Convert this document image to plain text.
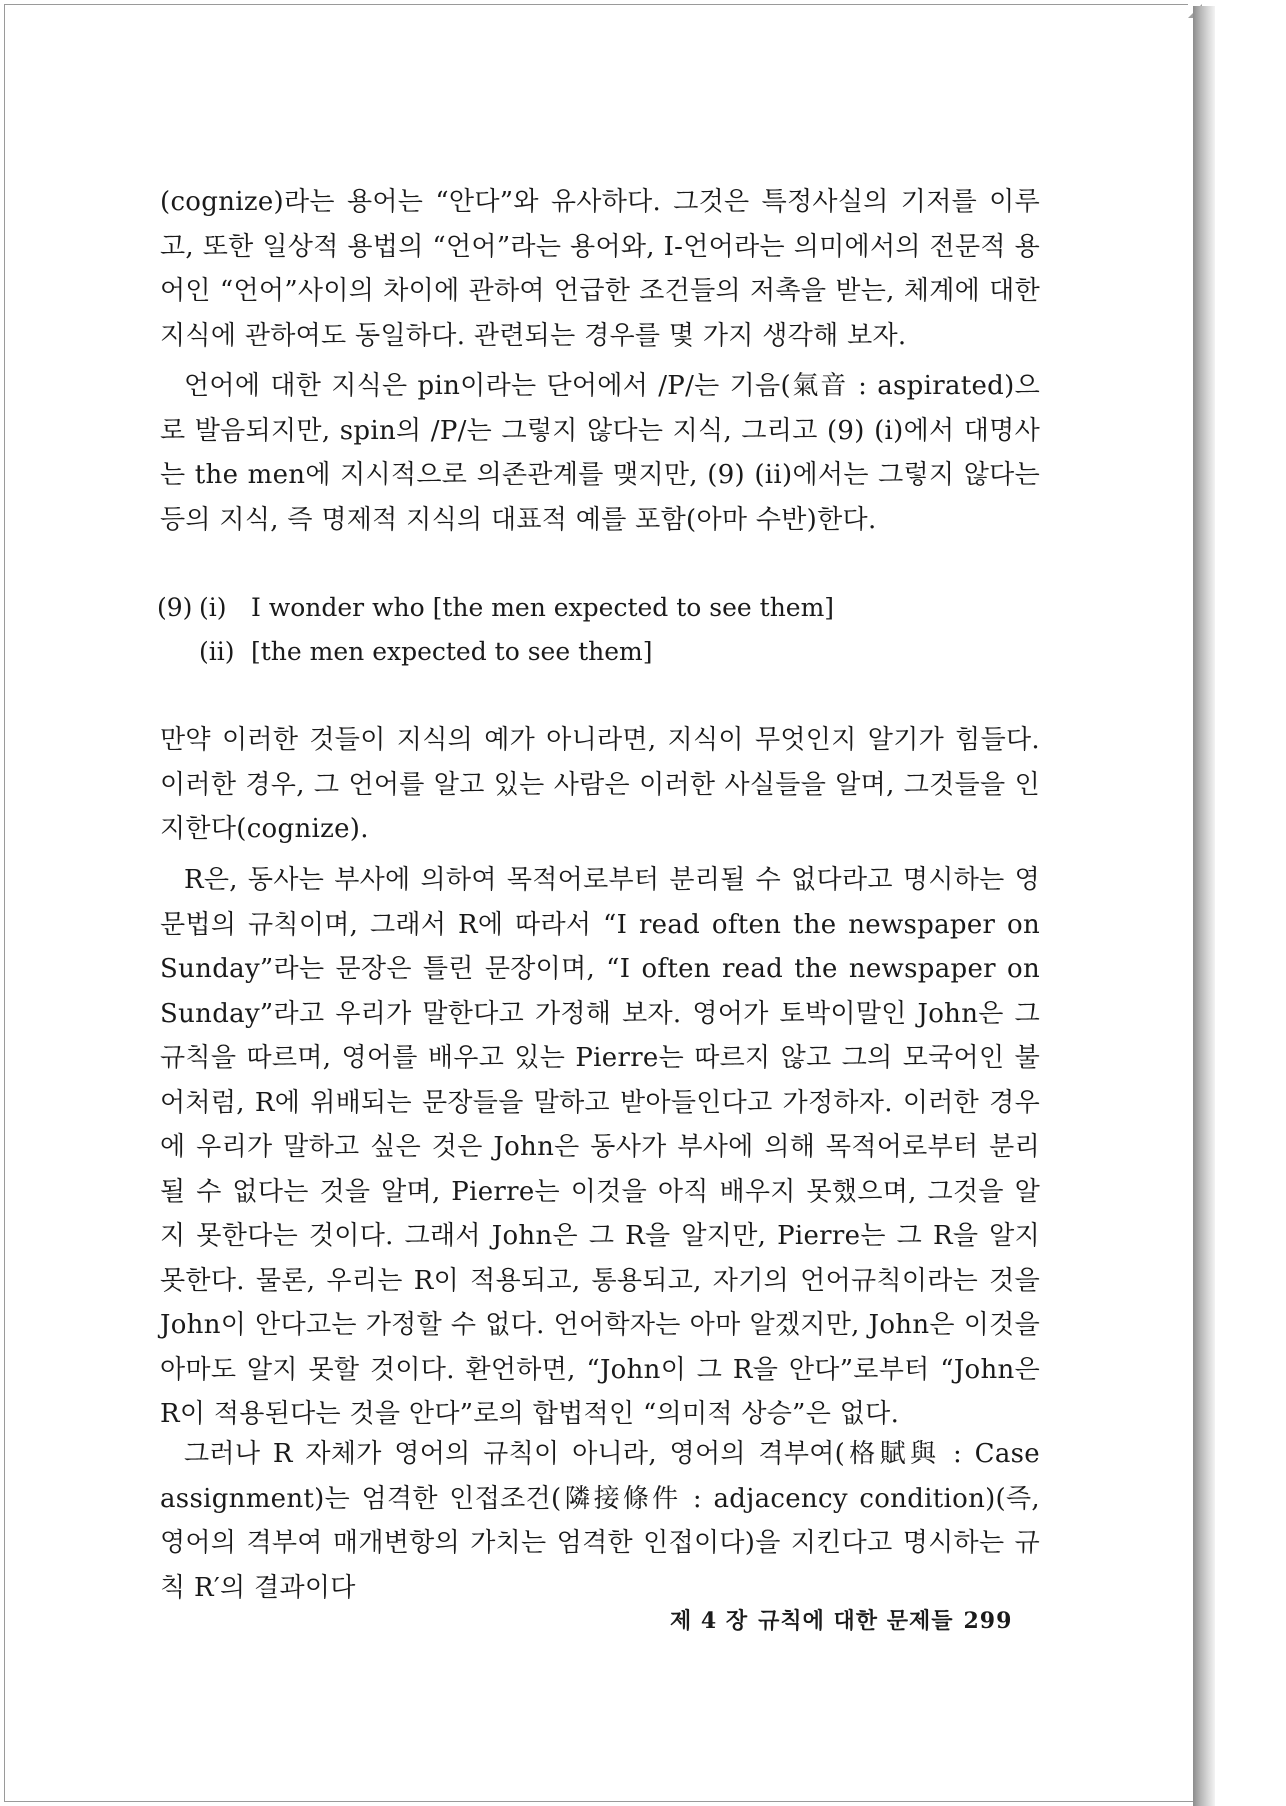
(cognize)라는 용어는 “안다”와 유사하다. 그것은 특정사실의 기저를 이루고, 또한 일상적 용법의 “언어”라는 용어와, I-언어라는 의미에서의 전문적 용어인 “언어”사이의 차이에 관하여 언급한 조건들의 저촉을 받는, 체계에 대한 지식에 관하여도 동일하다. 관련되는 경우를 몇 가지 생각해 보자.

언어에 대한 지식은 pin이라는 단어에서 /P/는 기음(氣音 : aspirated)으로 발음되지만, spin의 /P/는 그렇지 않다는 지식, 그리고 (9) (i)에서 대명사는 the men에 지시적으로 의존관계를 맺지만, (9) (ii)에서는 그렇지 않다는 등의 지식, 즉 명제적 지식의 대표적 예를 포함(아마 수반)한다.

(9) (i) I wonder who [the men expected to see them]

(ii) [the men expected to see them]

만약 이러한 것들이 지식의 예가 아니라면, 지식이 무엇인지 알기가 힘들다. 이러한 경우, 그 언어를 알고 있는 사람은 이러한 사실들을 알며, 그것들을 인지한다(cognize).

R은, 동사는 부사에 의하여 목적어로부터 분리될 수 없다라고 명시하는 영문법의 규칙이며, 그래서 R에 따라서 “I read often the newspaper on Sunday”라는 문장은 틀린 문장이며, “I often read the newspaper on Sunday”라고 우리가 말한다고 가정해 보자. 영어가 토박이말인 John은 그 규칙을 따르며, 영어를 배우고 있는 Pierre는 따르지 않고 그의 모국어인 불어처럼, R에 위배되는 문장들을 말하고 받아들인다고 가정하자. 이러한 경우에 우리가 말하고 싶은 것은 John은 동사가 부사에 의해 목적어로부터 분리될 수 없다는 것을 알며, Pierre는 이것을 아직 배우지 못했으며, 그것을 알지 못한다는 것이다. 그래서 John은 그 R을 알지만, Pierre는 그 R을 알지 못한다. 물론, 우리는 R이 적용되고, 통용되고, 자기의 언어규칙이라는 것을 John이 안다고는 가정할 수 없다. 언어학자는 아마 알겠지만, John은 이것을 아마도 알지 못할 것이다. 환언하면, “John이 그 R을 안다”로부터 “John은 R이 적용된다는 것을 안다”로의 합법적인 “의미적 상승”은 없다.

그러나 R 자체가 영어의 규칙이 아니라, 영어의 격부여(格賦與 : Case assignment)는 엄격한 인접조건(隣接條件 : adjacency condition)(즉, 영어의 격부여 매개변항의 가치는 엄격한 인접이다)을 지킨다고 명시하는 규칙 R′의 결과이다

제 4 장 규칙에 대한 문제들 299
